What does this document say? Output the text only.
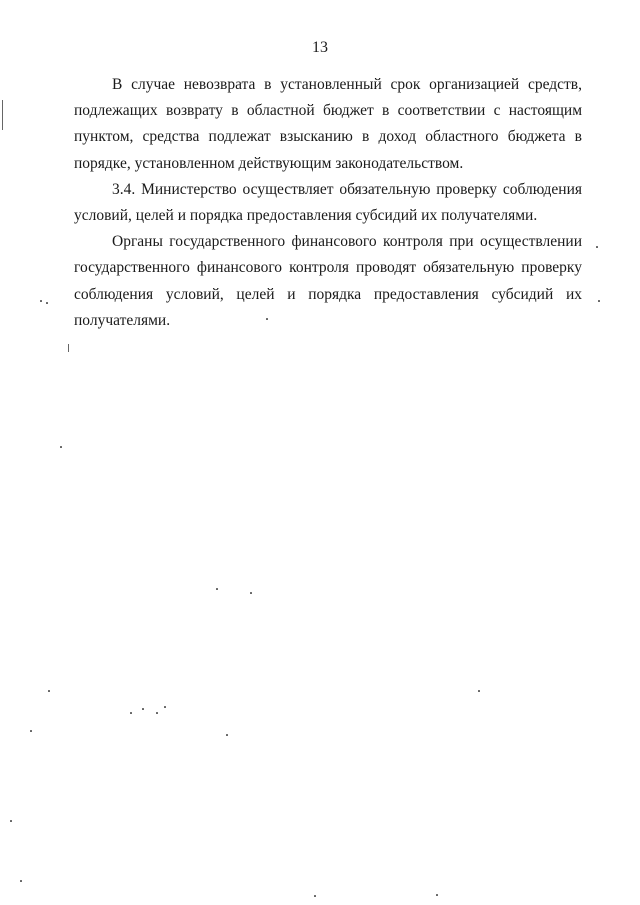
13

В случае невозврата в установленный срок организацией средств, подлежащих возврату в областной бюджет в соответствии с настоящим пунктом, средства подлежат взысканию в доход областного бюджета в порядке, установленном действующим законодательством.

3.4. Министерство осуществляет обязательную проверку соблюдения условий, целей и порядка предоставления субсидий их получателями.

Органы государственного финансового контроля при осуществлении государственного финансового контроля проводят обязательную проверку соблюдения условий, целей и порядка предоставления субсидий их получателями.
